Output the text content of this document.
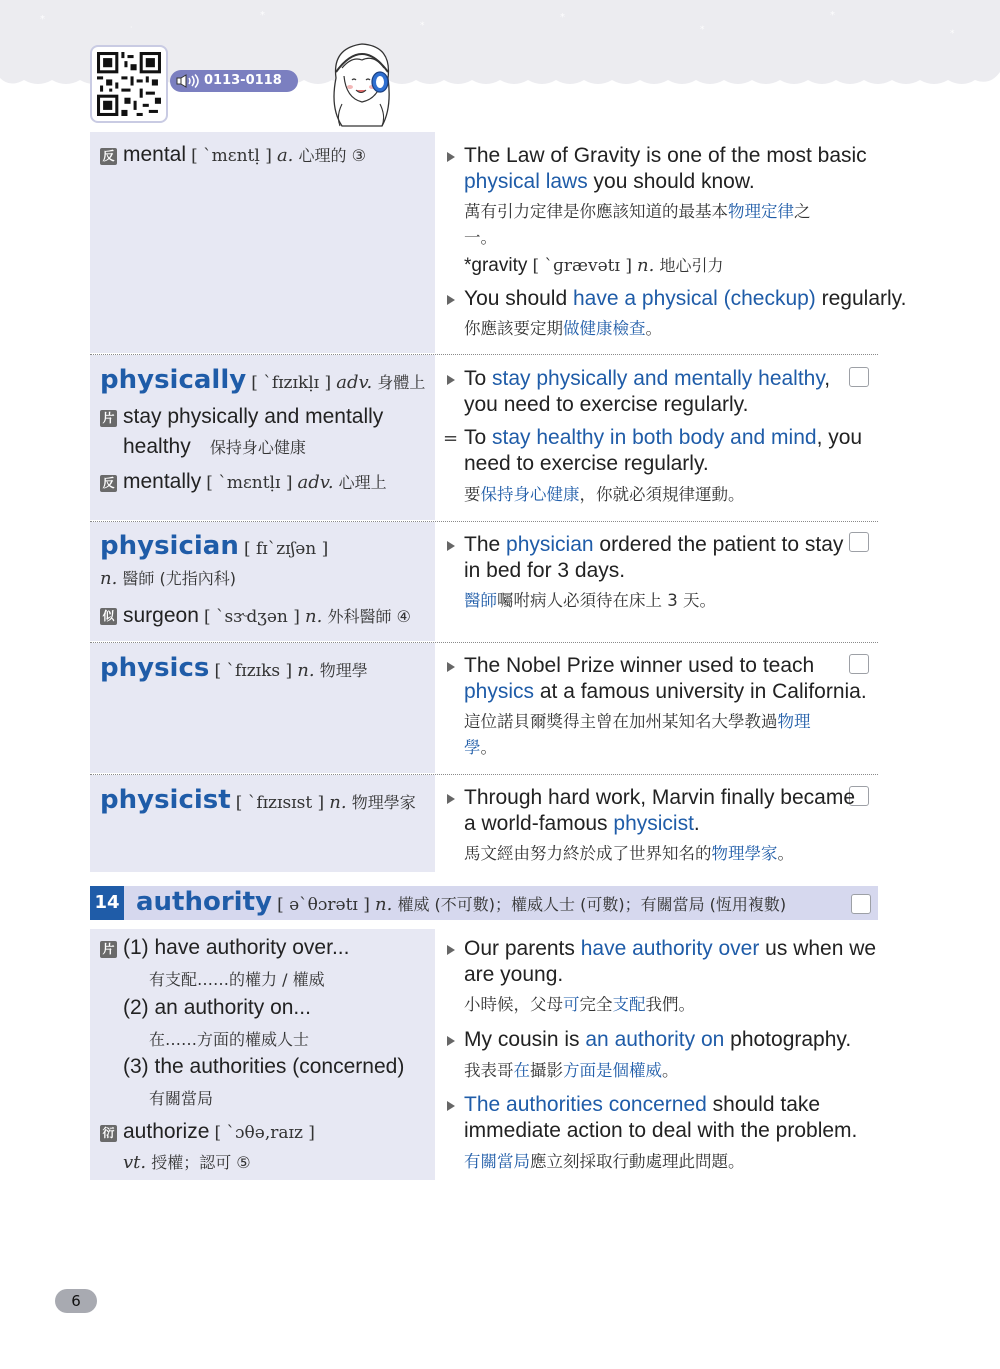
*
·
*
*
*
*
*
*
0113-0118
反 mental [ ˋmɛntḷ ] a. 心理的 ③	The Law of Gravity is one of the most basic
physical laws you should know.
萬有引力定律是你應該知道的最基本物理定律之
一。
*gravity [ ˋɡrævətɪ ] n. 地心引力
You should have a physical (checkup) regularly.
你應該要定期做健康檢查。
physically [ ˋfɪzɪkḷɪ ] adv. 身體上
片 stay physically and mentally
healthy 保持身心健康
反 mentally [ ˋmɛntḷɪ ] adv. 心理上
To stay physically and mentally healthy,
you need to exercise regularly.
= To stay healthy in both body and mind, you
need to exercise regularly.
要保持身心健康，你就必須規律運動。
physician [ fɪˋzɪʃən ]
n. 醫師 (尤指內科)
似 surgeon [ ˋsɝdʒən ] n. 外科醫師 ④
The physician ordered the patient to stay
in bed for 3 days.
醫師囑咐病人必須待在床上 3 天。
physics [ ˋfɪzɪks ] n. 物理學	The Nobel Prize winner used to teach
physics at a famous university in California.
這位諾貝爾獎得主曾在加州某知名大學教過物理
學。
physicist [ ˋfɪzɪsɪst ] n. 物理學家 Through hard work, Marvin finally became
a world-famous physicist.
馬文經由努力終於成了世界知名的物理學家。
14 authority [ əˋθɔrətɪ ] n. 權威 (不可數)；權威人士 (可數)；有關當局 (恆用複數)
片 (1) have authority over...
有支配……的權力 / 權威
(2) an authority on...
在……方面的權威人士
(3) the authorities (concerned)
有關當局
衍 authorize [ ˋɔθə,raɪz ]
vt. 授權；認可 ⑤
Our parents have authority over us when we
are young.
小時候，父母可完全支配我們。
My cousin is an authority on photography.
我表哥在攝影方面是個權威。
The authorities concerned should take
immediate action to deal with the problem.
有關當局應立刻採取行動處理此問題。
6
